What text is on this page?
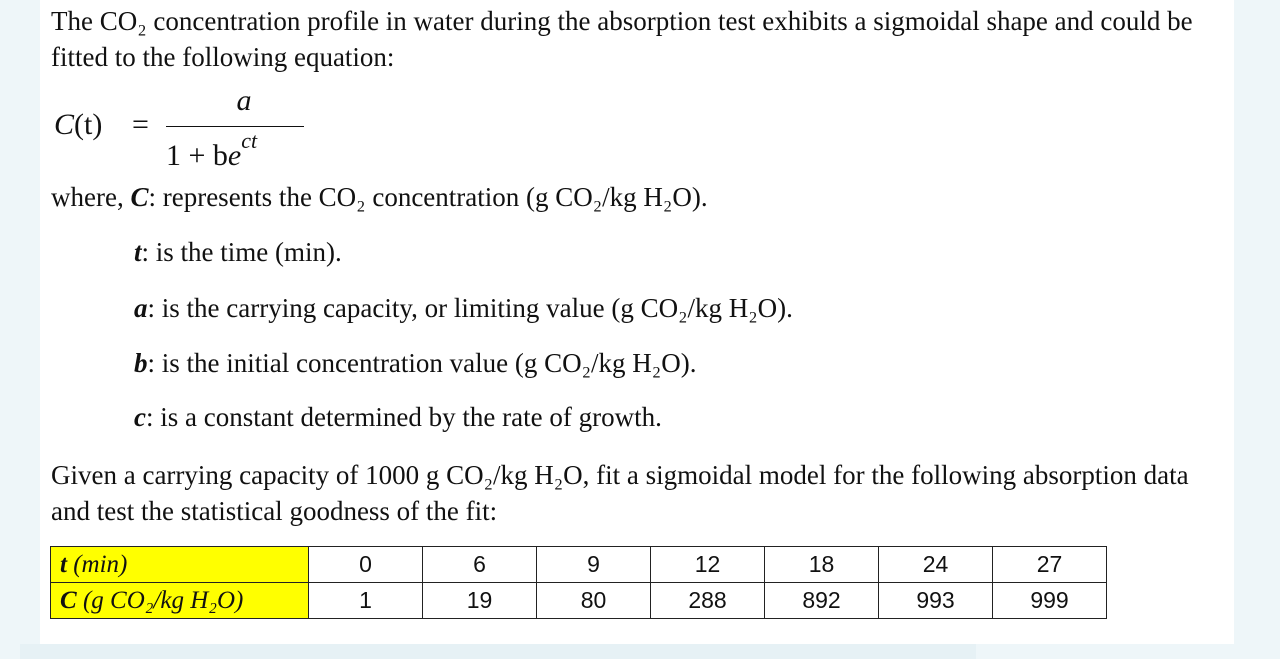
The CO₂ concentration profile in water during the absorption test exhibits a sigmoidal shape and could be fitted to the following equation:
C(t) =
a
$1 + be^{ct}$
where, C: represents the CO₂ concentration (g CO₂/kg H₂O).
t: is the time (min).
a: is the carrying capacity, or limiting value (g CO₂/kg H₂O).
b: is the initial concentration value (g CO₂/kg H₂O).
c: is a constant determined by the rate of growth.
Given a carrying capacity of 1000 g CO₂/kg H₂O, fit a sigmoidal model for the following absorption data and test the statistical goodness of the fit:
t (min)	0	6	9	12	18	24	27
C (g CO₂/kg H₂O)	1	19	80	288	892	993	999
